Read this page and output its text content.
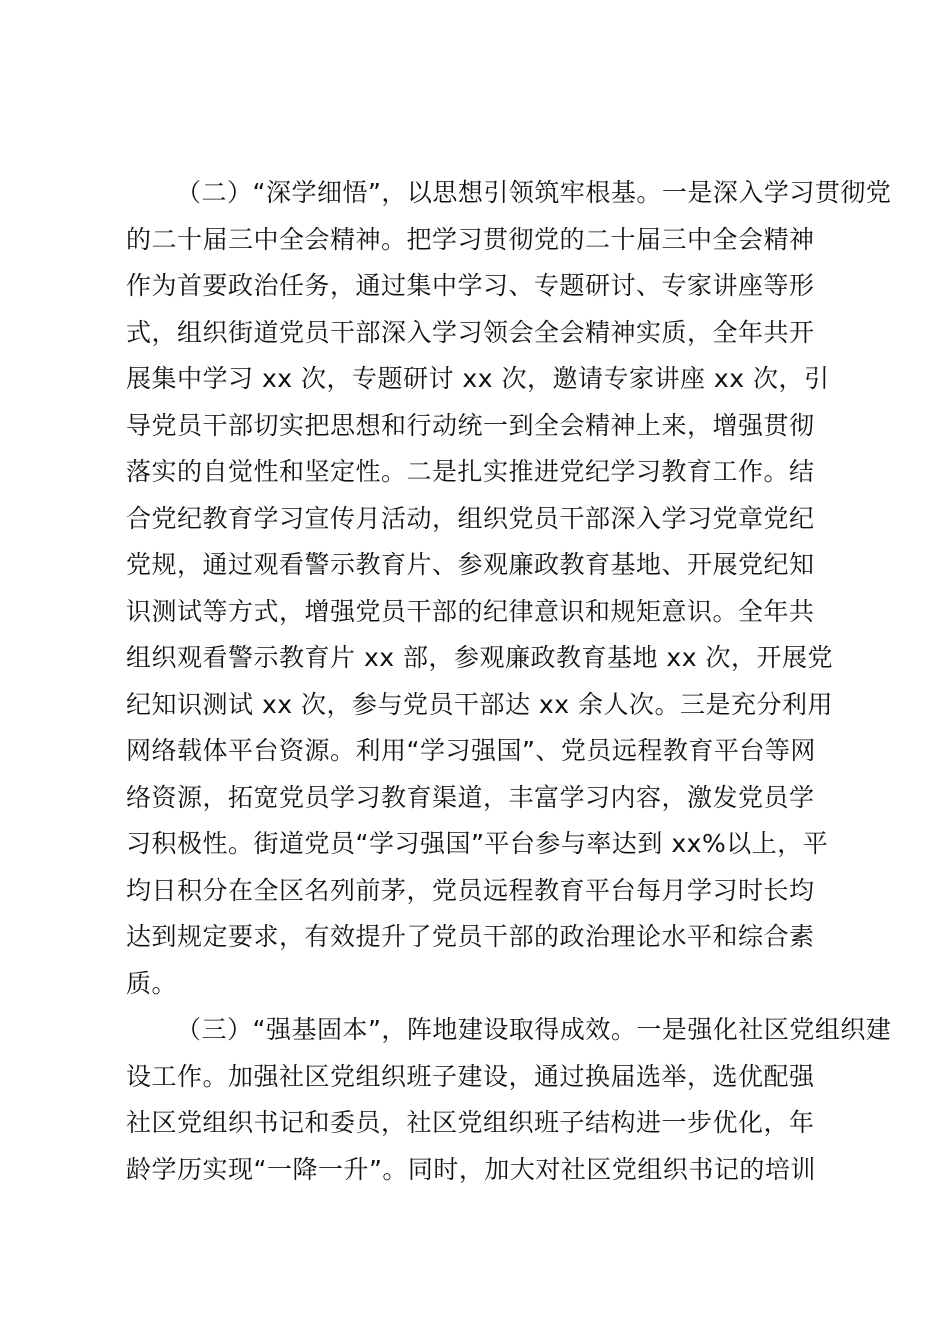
（二）“深学细悟”，以思想引领筑牢根基。一是深入学习贯彻党
的二十届三中全会精神。把学习贯彻党的二十届三中全会精神
作为首要政治任务，通过集中学习、专题研讨、专家讲座等形
式，组织街道党员干部深入学习领会全会精神实质，全年共开
展集中学习 xx 次，专题研讨 xx 次，邀请专家讲座 xx 次，引
导党员干部切实把思想和行动统一到全会精神上来，增强贯彻
落实的自觉性和坚定性。二是扎实推进党纪学习教育工作。结
合党纪教育学习宣传月活动，组织党员干部深入学习党章党纪
党规，通过观看警示教育片、参观廉政教育基地、开展党纪知
识测试等方式，增强党员干部的纪律意识和规矩意识。全年共
组织观看警示教育片 xx 部，参观廉政教育基地 xx 次，开展党
纪知识测试 xx 次，参与党员干部达 xx 余人次。三是充分利用
网络载体平台资源。利用“学习强国”、党员远程教育平台等网
络资源，拓宽党员学习教育渠道，丰富学习内容，激发党员学
习积极性。街道党员“学习强国”平台参与率达到 xx%以上，平
均日积分在全区名列前茅，党员远程教育平台每月学习时长均
达到规定要求，有效提升了党员干部的政治理论水平和综合素
质。

（三）“强基固本”，阵地建设取得成效。一是强化社区党组织建
设工作。加强社区党组织班子建设，通过换届选举，选优配强
社区党组织书记和委员，社区党组织班子结构进一步优化，年
龄学历实现“一降一升”。同时，加大对社区党组织书记的培训
